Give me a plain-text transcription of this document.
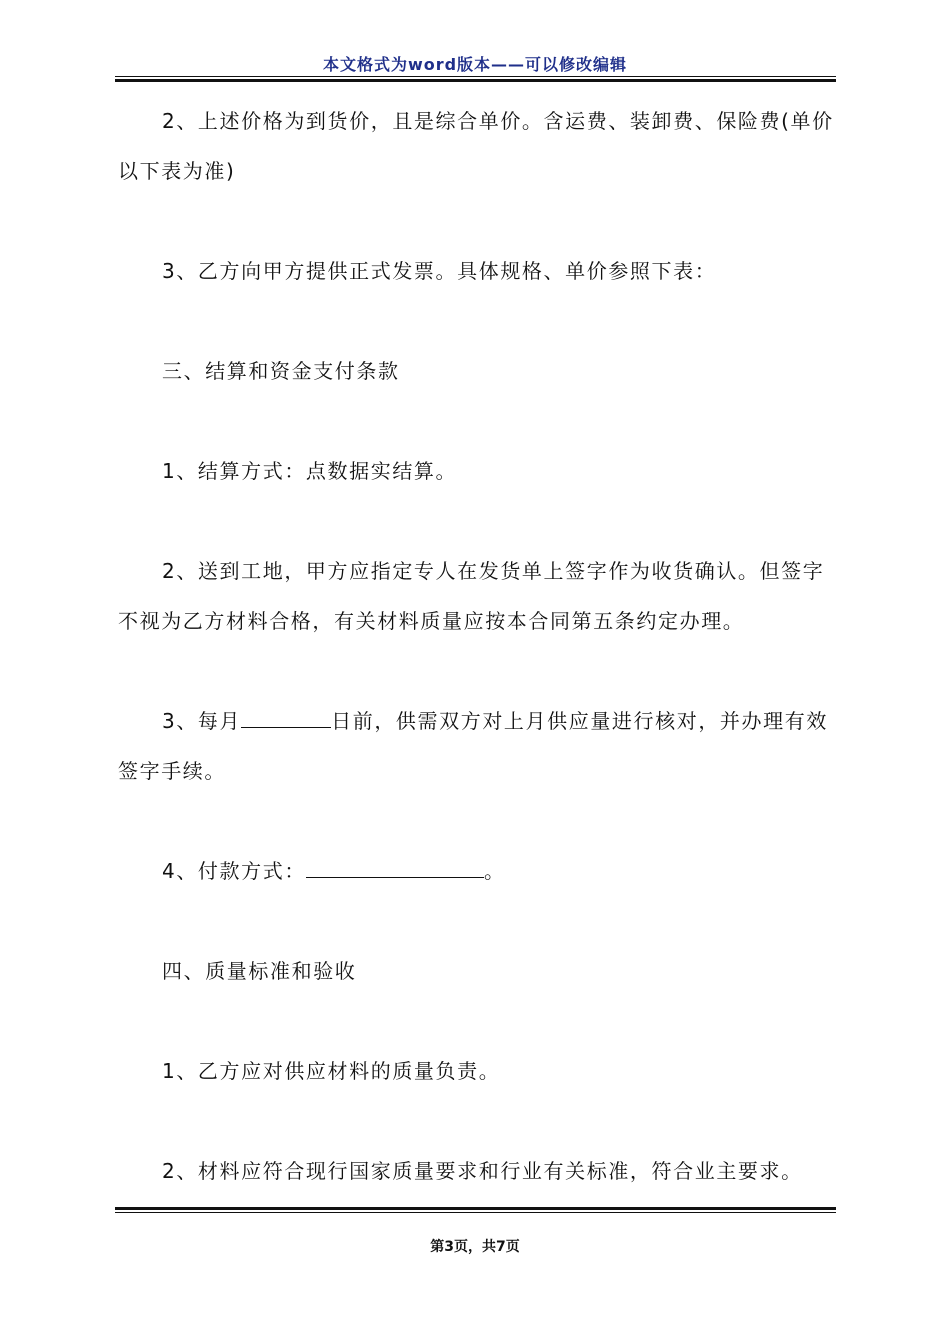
本文格式为word版本——可以修改编辑

2、上述价格为到货价，且是综合单价。含运费、装卸费、保险费(单价以下表为准)

3、乙方向甲方提供正式发票。具体规格、单价参照下表：

三、结算和资金支付条款

1、结算方式：点数据实结算。

2、送到工地，甲方应指定专人在发货单上签字作为收货确认。但签字不视为乙方材料合格，有关材料质量应按本合同第五条约定办理。

3、每月	日前，供需双方对上月供应量进行核对，并办理有效签字手续。

4、付款方式：	。

四、质量标准和验收

1、乙方应对供应材料的质量负责。

2、材料应符合现行国家质量要求和行业有关标准，符合业主要求。

第3页，共7页
